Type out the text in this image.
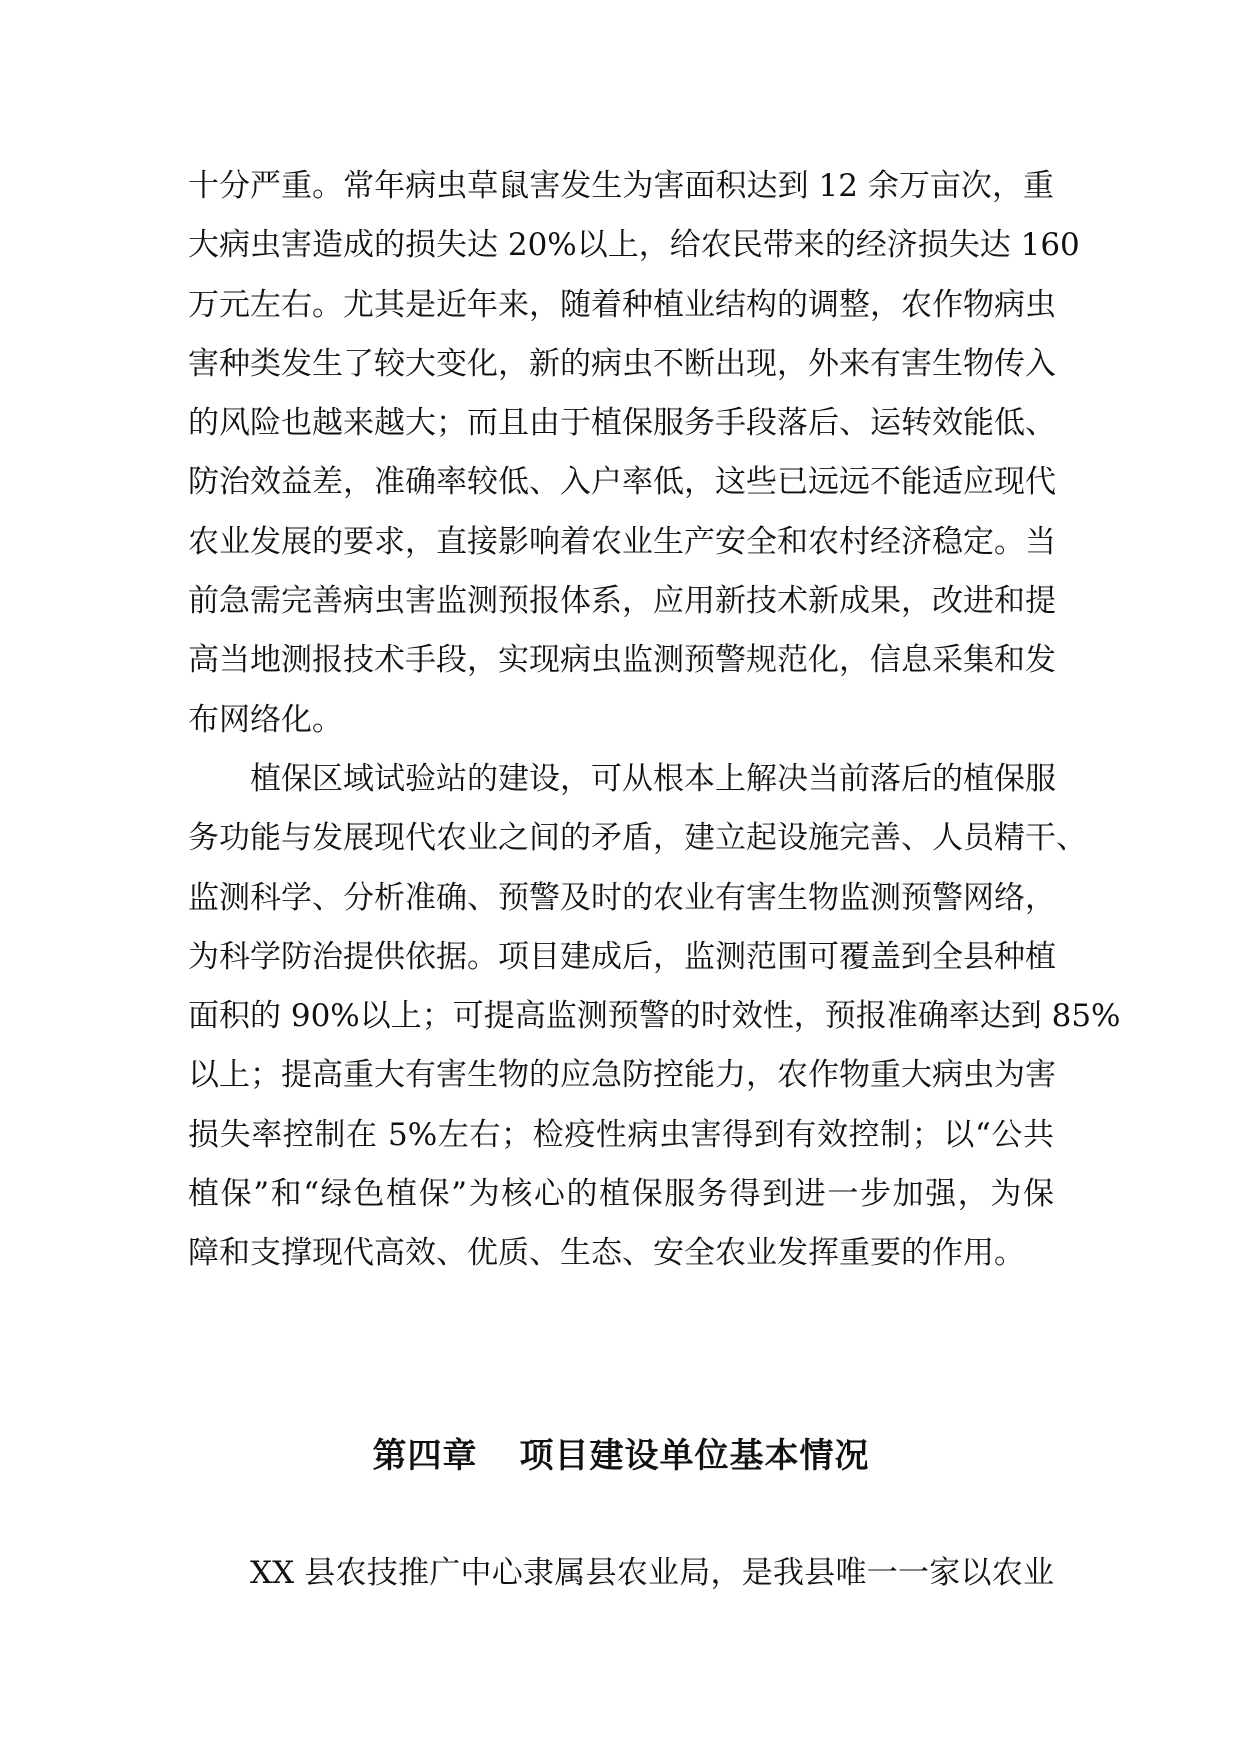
十分严重。常年病虫草鼠害发生为害面积达到 12 余万亩次，重
大病虫害造成的损失达 20%以上，给农民带来的经济损失达 160
万元左右。尤其是近年来，随着种植业结构的调整，农作物病虫
害种类发生了较大变化，新的病虫不断出现，外来有害生物传入
的风险也越来越大；而且由于植保服务手段落后、运转效能低、
防治效益差，准确率较低、入户率低，这些已远远不能适应现代
农业发展的要求，直接影响着农业生产安全和农村经济稳定。当
前急需完善病虫害监测预报体系，应用新技术新成果，改进和提
高当地测报技术手段，实现病虫监测预警规范化，信息采集和发
布网络化。
植保区域试验站的建设，可从根本上解决当前落后的植保服
务功能与发展现代农业之间的矛盾，建立起设施完善、人员精干、
监测科学、分析准确、预警及时的农业有害生物监测预警网络，
为科学防治提供依据。项目建成后，监测范围可覆盖到全县种植
面积的 90%以上；可提高监测预警的时效性，预报准确率达到 85%
以上；提高重大有害生物的应急防控能力，农作物重大病虫为害
损失率控制在 5%左右；检疫性病虫害得到有效控制；以“公共
植保”和“绿色植保”为核心的植保服务得到进一步加强，为保
障和支撑现代高效、优质、生态、安全农业发挥重要的作用。
第四章 项目建设单位基本情况
XX 县农技推广中心隶属县农业局，是我县唯一一家以农业
